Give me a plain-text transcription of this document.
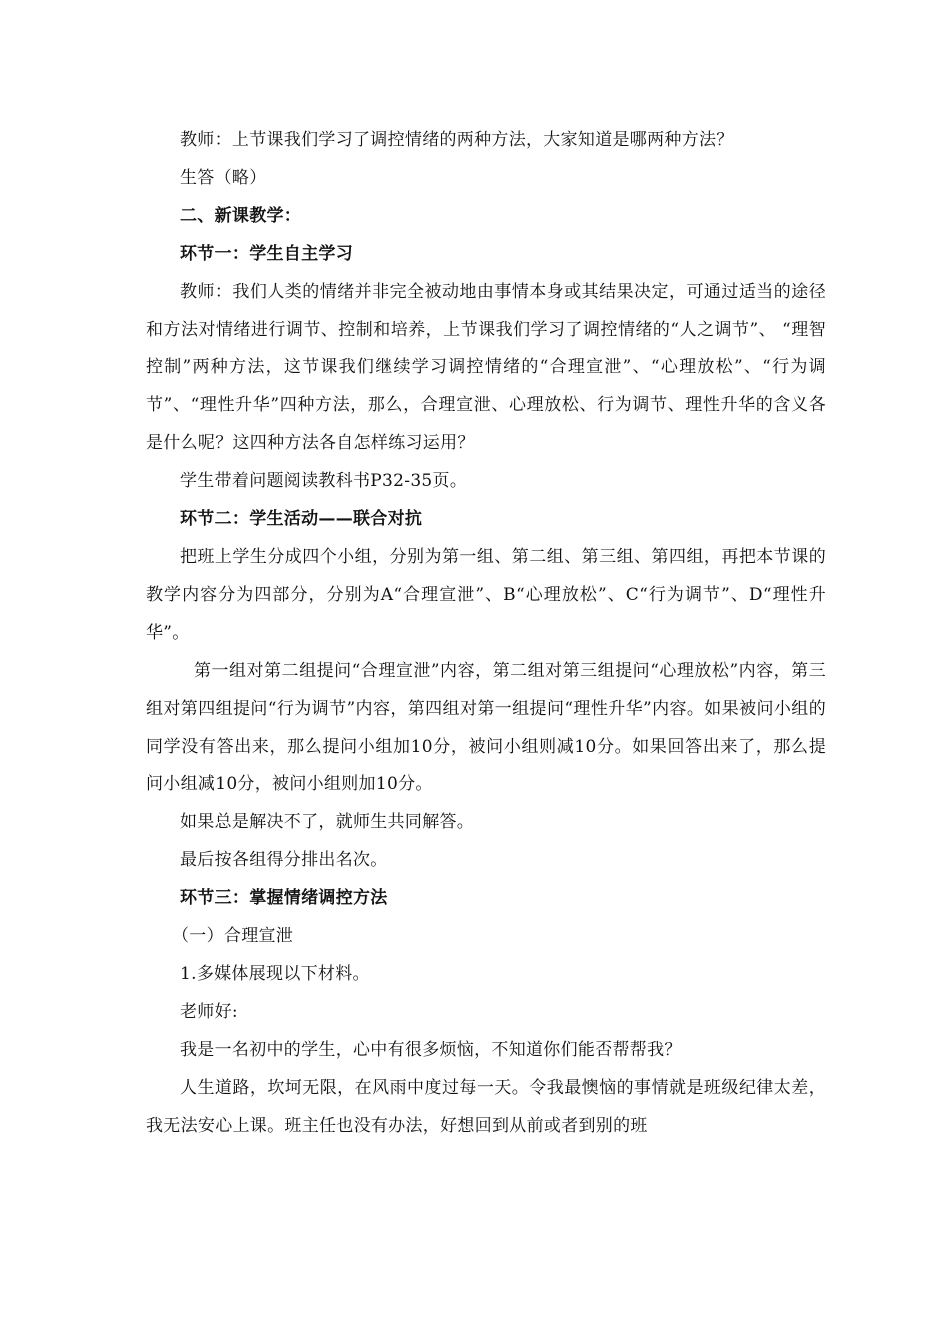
教师：上节课我们学习了调控情绪的两种方法，大家知道是哪两种方法？

生答（略）

二、新课教学：

环节一：学生自主学习

教师：我们人类的情绪并非完全被动地由事情本身或其结果决定，可通过适当的途径和方法对情绪进行调节、控制和培养，上节课我们学习了调控情绪的“人之调节”、 “理智控制”两种方法，这节课我们继续学习调控情绪的“合理宣泄”、“心理放松”、“行为调节”、“理性升华”四种方法，那么，合理宣泄、心理放松、行为调节、理性升华的含义各是什么呢？这四种方法各自怎样练习运用？

学生带着问题阅读教科书P32-35页。

环节二：学生活动——联合对抗

把班上学生分成四个小组，分别为第一组、第二组、第三组、第四组，再把本节课的教学内容分为四部分，分别为A“合理宣泄”、B“心理放松”、C“行为调节”、D“理性升华”。

第一组对第二组提问“合理宣泄”内容，第二组对第三组提问“心理放松”内容，第三组对第四组提问“行为调节”内容，第四组对第一组提问“理性升华”内容。如果被问小组的同学没有答出来，那么提问小组加10分，被问小组则减10分。如果回答出来了，那么提问小组减10分，被问小组则加10分。

如果总是解决不了，就师生共同解答。

最后按各组得分排出名次。

环节三：掌握情绪调控方法

（一）合理宣泄

1.多媒体展现以下材料。

老师好:

我是一名初中的学生，心中有很多烦恼，不知道你们能否帮帮我？

人生道路，坎坷无限，在风雨中度过每一天。令我最懊恼的事情就是班级纪律太差，我无法安心上课。班主任也没有办法，好想回到从前或者到别的班
